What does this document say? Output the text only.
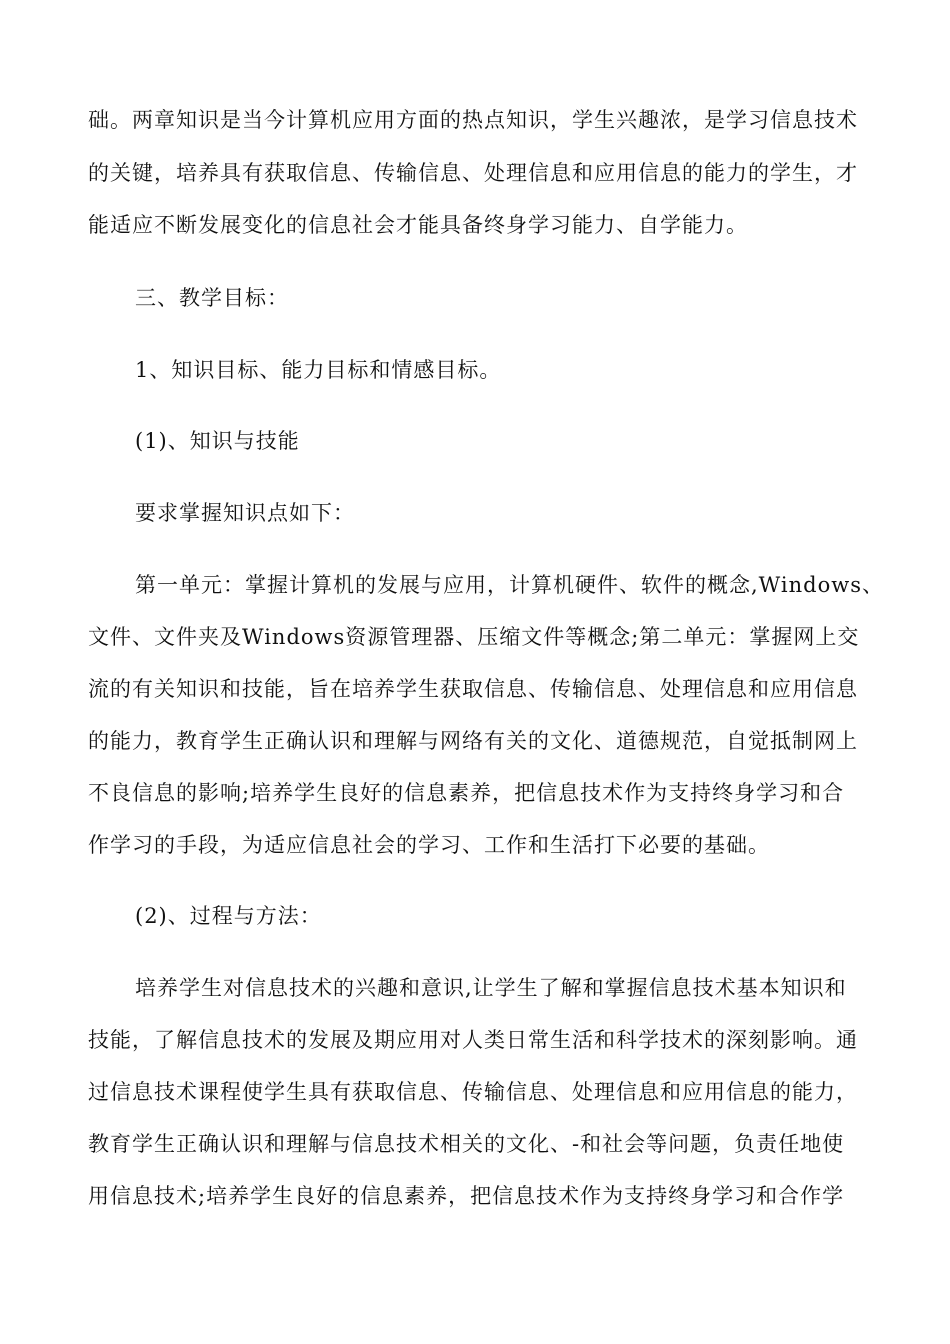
础。两章知识是当今计算机应用方面的热点知识，学生兴趣浓，是学习信息技术
的关键，培养具有获取信息、传输信息、处理信息和应用信息的能力的学生，才
能适应不断发展变化的信息社会才能具备终身学习能力、自学能力。
三、教学目标：
1、知识目标、能力目标和情感目标。
(1)、知识与技能
要求掌握知识点如下：
第一单元：掌握计算机的发展与应用，计算机硬件、软件的概念,Windows、
文件、文件夹及Windows资源管理器、压缩文件等概念;第二单元：掌握网上交
流的有关知识和技能，旨在培养学生获取信息、传输信息、处理信息和应用信息
的能力，教育学生正确认识和理解与网络有关的文化、道德规范，自觉抵制网上
不良信息的影响;培养学生良好的信息素养，把信息技术作为支持终身学习和合
作学习的手段，为适应信息社会的学习、工作和生活打下必要的基础。
(2)、过程与方法：
培养学生对信息技术的兴趣和意识,让学生了解和掌握信息技术基本知识和
技能，了解信息技术的发展及期应用对人类日常生活和科学技术的深刻影响。通
过信息技术课程使学生具有获取信息、传输信息、处理信息和应用信息的能力，
教育学生正确认识和理解与信息技术相关的文化、-和社会等问题，负责任地使
用信息技术;培养学生良好的信息素养，把信息技术作为支持终身学习和合作学
